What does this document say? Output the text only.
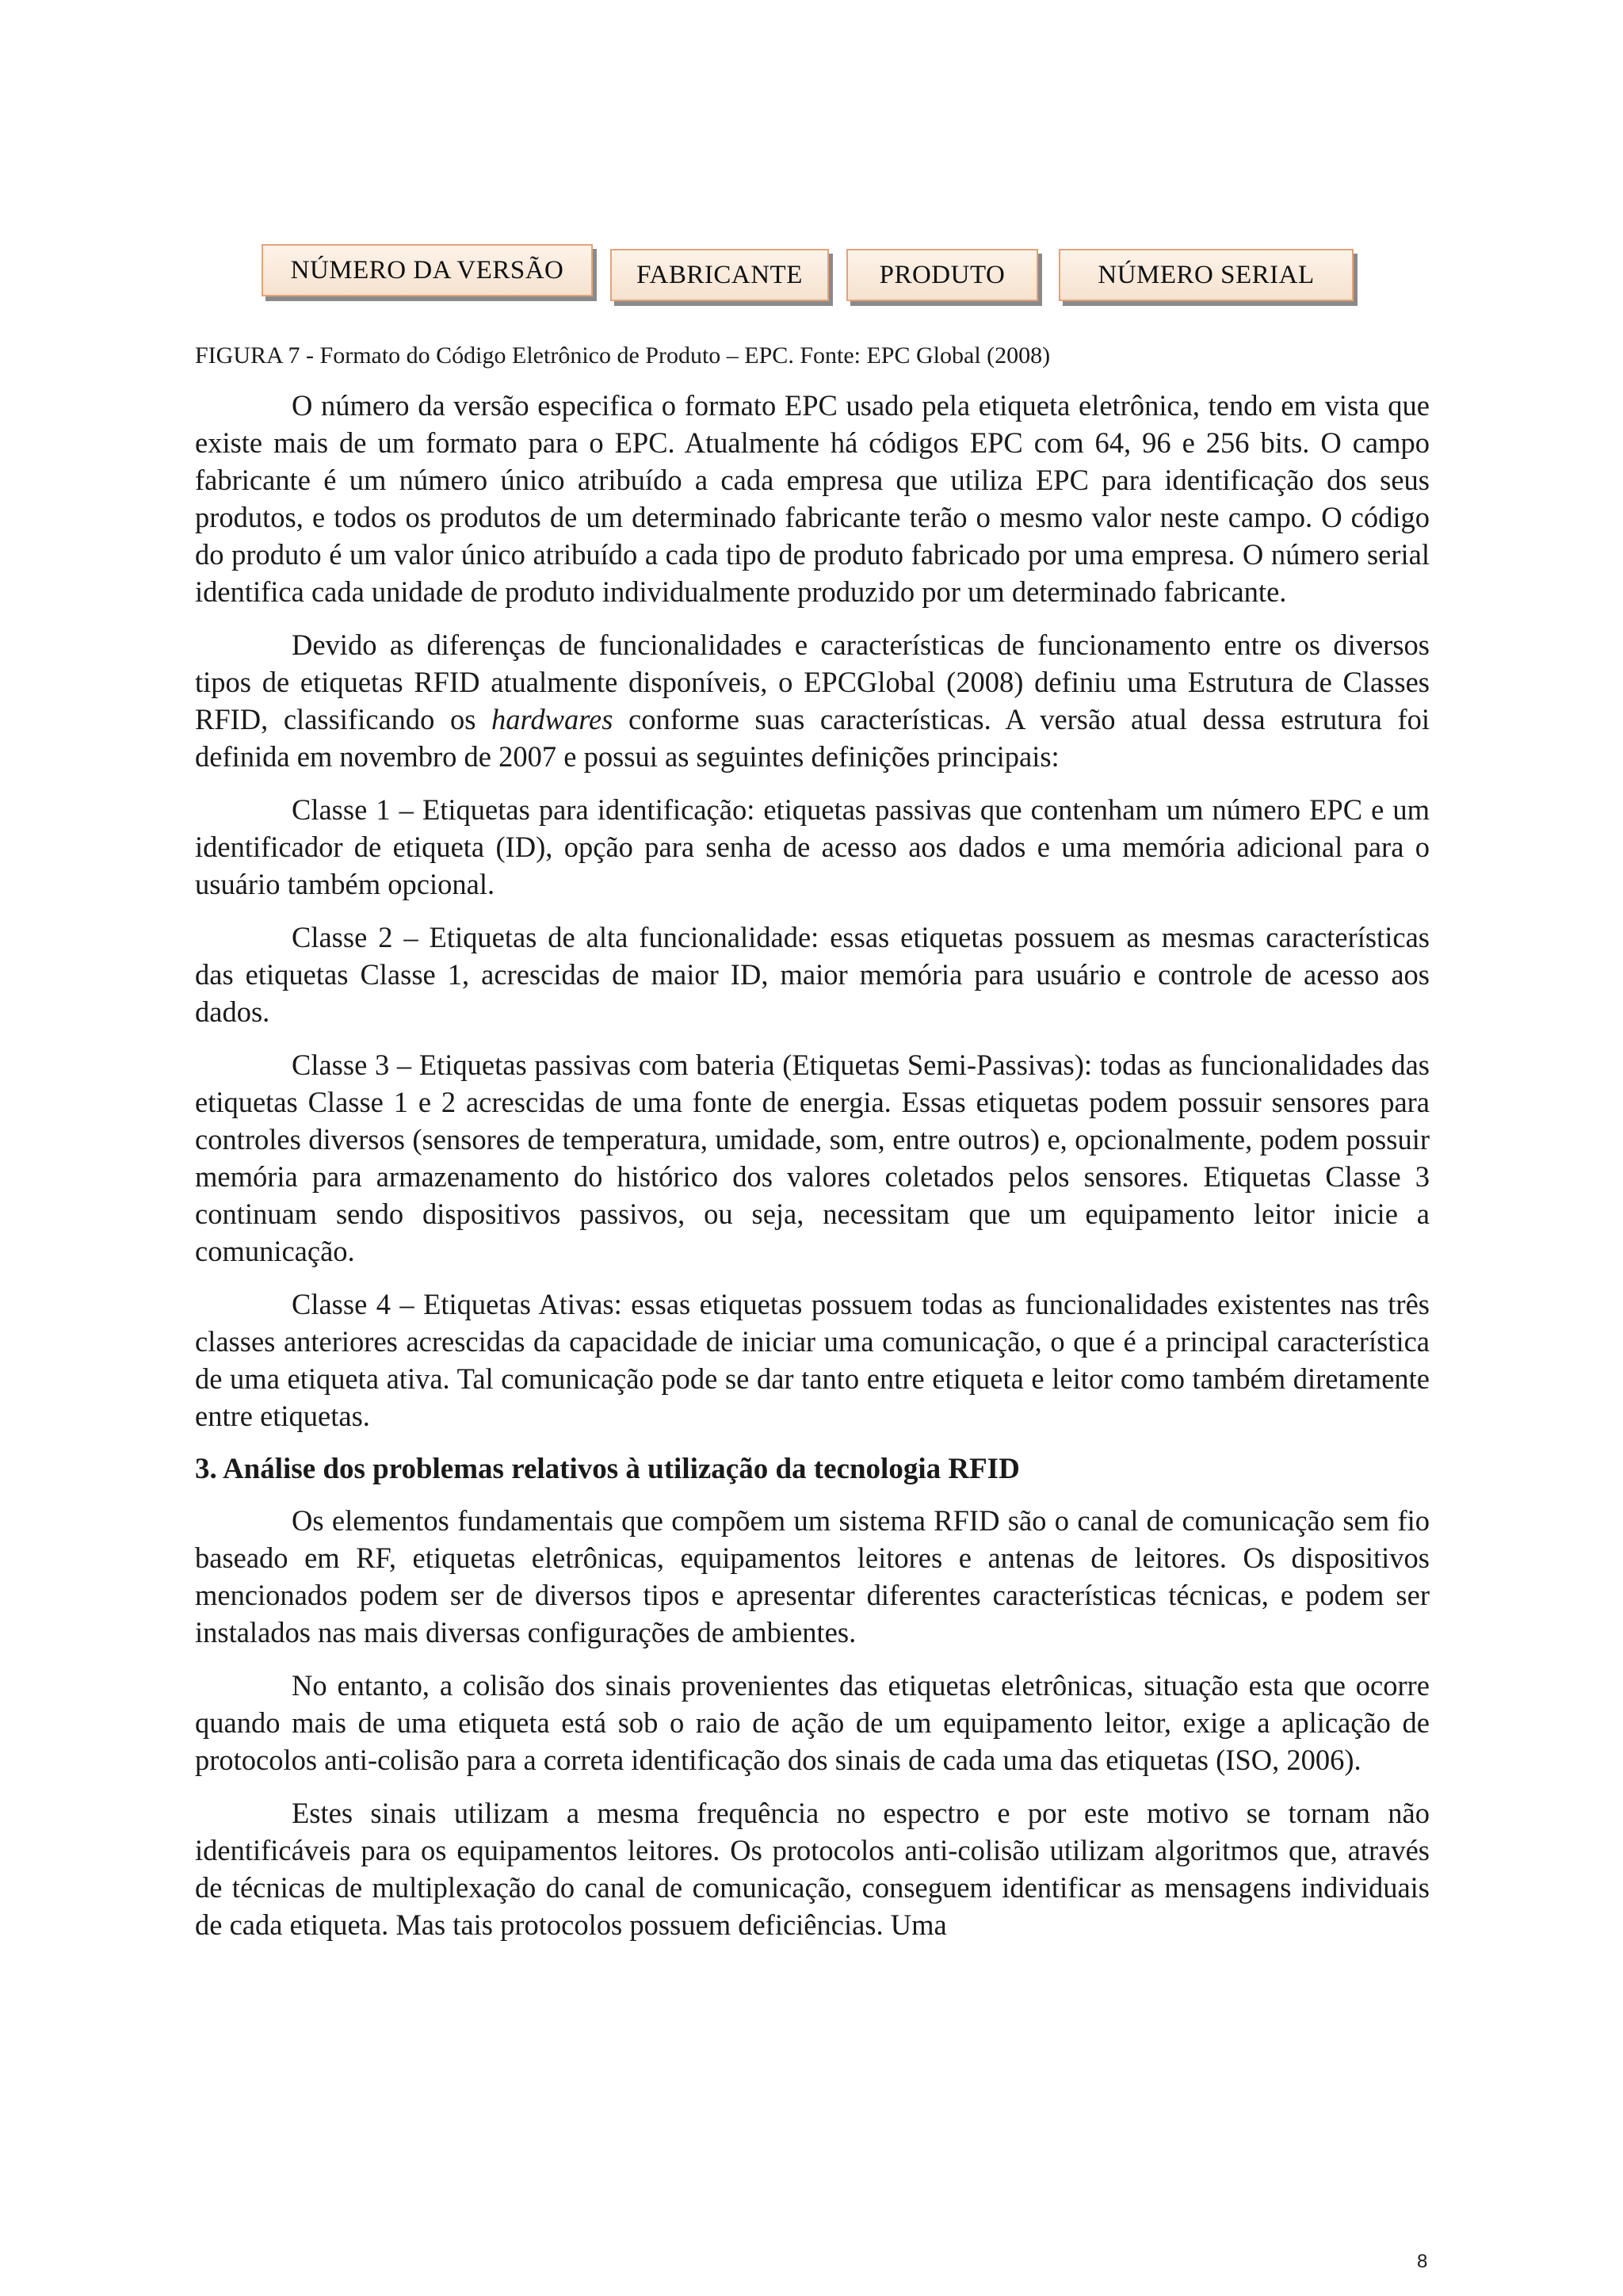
NÚMERO DA VERSÃO	FABRICANTE	PRODUTO	NÚMERO SERIAL
FIGURA 7 - Formato do Código Eletrônico de Produto – EPC. Fonte: EPC Global (2008)

O número da versão especifica o formato EPC usado pela etiqueta eletrônica, tendo em vista que existe mais de um formato para o EPC. Atualmente há códigos EPC com 64, 96 e 256 bits. O campo fabricante é um número único atribuído a cada empresa que utiliza EPC para identificação dos seus produtos, e todos os produtos de um determinado fabricante terão o mesmo valor neste campo. O código do produto é um valor único atribuído a cada tipo de produto fabricado por uma empresa. O número serial identifica cada unidade de produto individualmente produzido por um determinado fabricante.

Devido as diferenças de funcionalidades e características de funcionamento entre os diversos tipos de etiquetas RFID atualmente disponíveis, o EPCGlobal (2008) definiu uma Estrutura de Classes RFID, classificando os hardwares conforme suas características. A versão atual dessa estrutura foi definida em novembro de 2007 e possui as seguintes definições principais:

Classe 1 – Etiquetas para identificação: etiquetas passivas que contenham um número EPC e um identificador de etiqueta (ID), opção para senha de acesso aos dados e uma memória adicional para o usuário também opcional.

Classe 2 – Etiquetas de alta funcionalidade: essas etiquetas possuem as mesmas características das etiquetas Classe 1, acrescidas de maior ID, maior memória para usuário e controle de acesso aos dados.

Classe 3 – Etiquetas passivas com bateria (Etiquetas Semi-Passivas): todas as funcionalidades das etiquetas Classe 1 e 2 acrescidas de uma fonte de energia. Essas etiquetas podem possuir sensores para controles diversos (sensores de temperatura, umidade, som, entre outros) e, opcionalmente, podem possuir memória para armazenamento do histórico dos valores coletados pelos sensores. Etiquetas Classe 3 continuam sendo dispositivos passivos, ou seja, necessitam que um equipamento leitor inicie a comunicação.

Classe 4 – Etiquetas Ativas: essas etiquetas possuem todas as funcionalidades existentes nas três classes anteriores acrescidas da capacidade de iniciar uma comunicação, o que é a principal característica de uma etiqueta ativa. Tal comunicação pode se dar tanto entre etiqueta e leitor como também diretamente entre etiquetas.

3. Análise dos problemas relativos à utilização da tecnologia RFID

Os elementos fundamentais que compõem um sistema RFID são o canal de comunicação sem fio baseado em RF, etiquetas eletrônicas, equipamentos leitores e antenas de leitores. Os dispositivos mencionados podem ser de diversos tipos e apresentar diferentes características técnicas, e podem ser instalados nas mais diversas configurações de ambientes.

No entanto, a colisão dos sinais provenientes das etiquetas eletrônicas, situação esta que ocorre quando mais de uma etiqueta está sob o raio de ação de um equipamento leitor, exige a aplicação de protocolos anti-colisão para a correta identificação dos sinais de cada uma das etiquetas (ISO, 2006).

Estes sinais utilizam a mesma frequência no espectro e por este motivo se tornam não identificáveis para os equipamentos leitores. Os protocolos anti-colisão utilizam algoritmos que, através de técnicas de multiplexação do canal de comunicação, conseguem identificar as mensagens individuais de cada etiqueta. Mas tais protocolos possuem deficiências. Uma

8
